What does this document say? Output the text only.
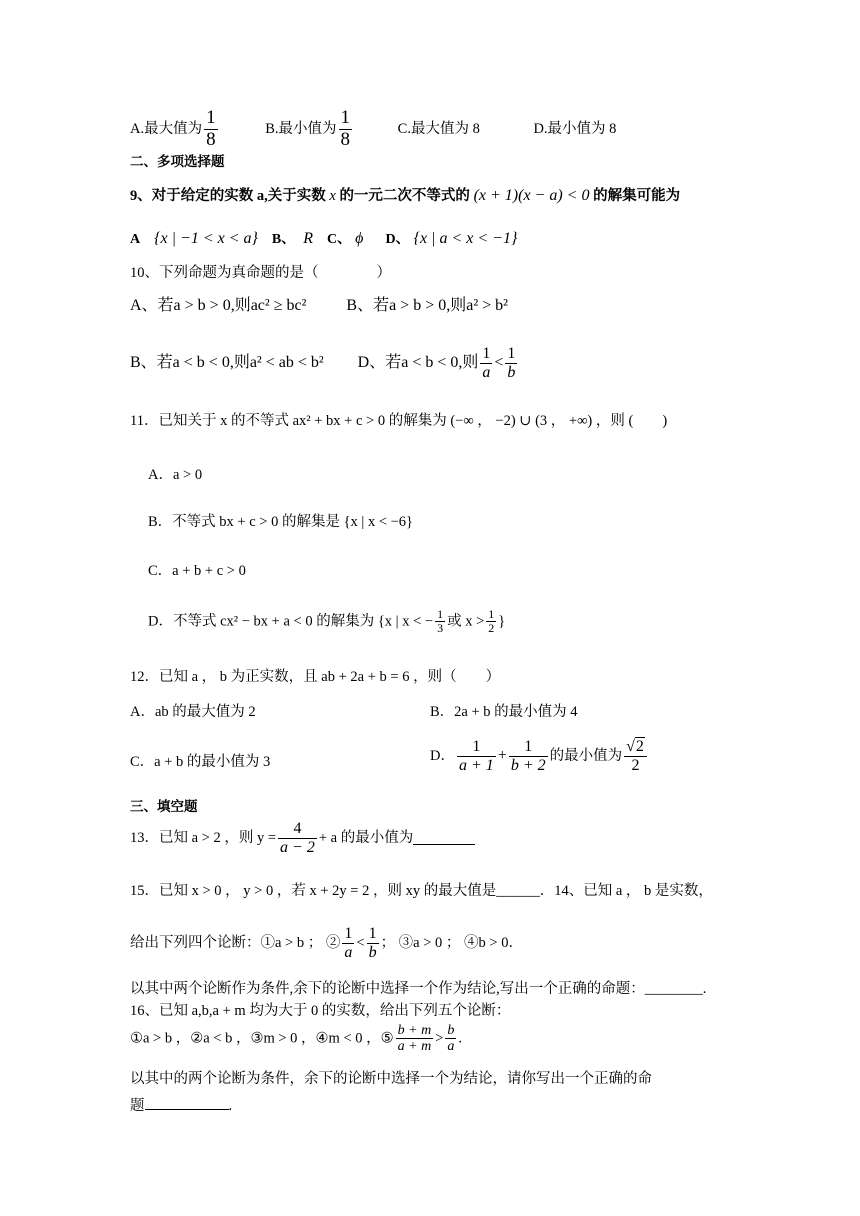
A.最大值为 $\frac{1}{8}$	B.最小值为 $\frac{1}{8}$	C.最大值为 8	D.最小值为 8
二、多项选择题
9、对于给定的实数 a,关于实数 x 的一元二次不等式的 (x + 1)(x − a) < 0 的解集可能为
A {x | −1 < x < a} B、 R C、 ϕ D、 {x | a < x < −1}
10、下列命题为真命题的是（　　　　）
A、若a > b > 0,则ac² ≥ bc²	B、若a > b > 0,则a² > b²
B、若a < b < 0,则a² < ab < b² D、若a < b < 0,则 $\frac{1}{a} < \frac{1}{b}$
11．已知关于 x 的不等式 ax² + bx + c > 0 的解集为 (−∞ ， −2) ∪ (3 ， +∞) ，则 (　　)
A．a > 0
B．不等式 bx + c > 0 的解集是 {x | x < −6}
C．a + b + c > 0
D．不等式 cx² − bx + a < 0 的解集为 {x | x < − $\frac{1}{3}$ 或 $x > \frac{1}{2}$ }
12．已知 a ， b 为正实数，且 ab + 2a + b = 6 ，则（　　）
A．ab 的最大值为 2	B．2a + b 的最小值为 4
C．a + b 的最小值为 3	D． $\frac{1}{a + 1} + \frac{1}{b + 2}$ 的最小值为 $\frac{√2}{2}$
三、填空题
13．已知 a > 2 ，则 $y = \frac{4}{a - 2} + a$ 的最小值为
15．已知 x > 0 ， y > 0 ，若 x + 2y = 2 ，则 xy 的最大值是______．14、已知 a ， b 是实数，
给出下列四个论断：①a > b ； ② $\frac{1}{a} < \frac{1}{b}$ ； ③a > 0 ； ④b > 0．
以其中两个论断作为条件,余下的论断中选择一个作为结论,写出一个正确的命题：________.
16、已知 a,b,a + m 均为大于 0 的实数，给出下列五个论断：
①a > b ，②a < b ，③m > 0 ，④m < 0 ，⑤ $\frac{b + m}{a + m} > \frac{b}{a}$ .
以其中的两个论断为条件，余下的论断中选择一个为结论，请你写出一个正确的命
题	.
